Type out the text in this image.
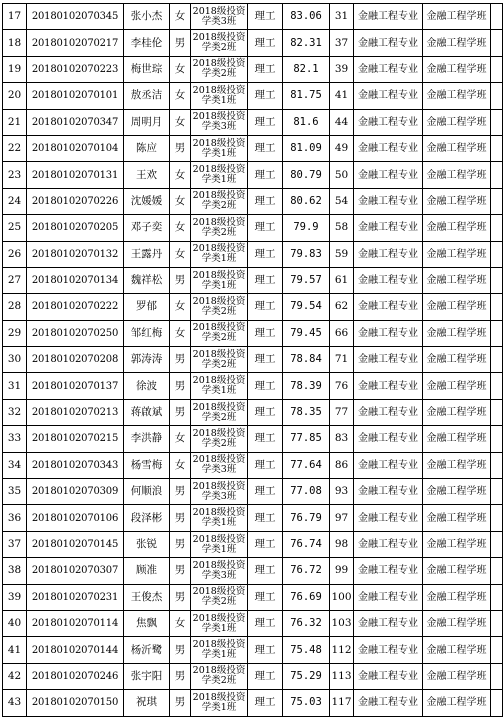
17	20180102070345	张小杰	女	2018级投资学类3班	理工	83.06	31	金融工程专业	金融工程学班	
18	20180102070217	李桂伦	男	2018级投资学类2班	理工	82.31	37	金融工程专业	金融工程学班	
19	20180102070223	梅世琮	女	2018级投资学类2班	理工	82.1	39	金融工程专业	金融工程学班	
20	20180102070101	敖丞洁	女	2018级投资学类1班	理工	81.75	41	金融工程专业	金融工程学班	
21	20180102070347	周明月	女	2018级投资学类3班	理工	81.6	44	金融工程专业	金融工程学班	
22	20180102070104	陈应	男	2018级投资学类1班	理工	81.09	49	金融工程专业	金融工程学班	
23	20180102070131	王欢	女	2018级投资学类1班	理工	80.79	50	金融工程专业	金融工程学班	
24	20180102070226	沈媛媛	女	2018级投资学类2班	理工	80.62	54	金融工程专业	金融工程学班	
25	20180102070205	邓子奕	女	2018级投资学类2班	理工	79.9	58	金融工程专业	金融工程学班	
26	20180102070132	王露丹	女	2018级投资学类1班	理工	79.83	59	金融工程专业	金融工程学班	
27	20180102070134	魏祥松	男	2018级投资学类1班	理工	79.57	61	金融工程专业	金融工程学班	
28	20180102070222	罗郁	女	2018级投资学类2班	理工	79.54	62	金融工程专业	金融工程学班	
29	20180102070250	邹红梅	女	2018级投资学类2班	理工	79.45	66	金融工程专业	金融工程学班	
30	20180102070208	郭涛涛	男	2018级投资学类2班	理工	78.84	71	金融工程专业	金融工程学班	
31	20180102070137	徐波	男	2018级投资学类1班	理工	78.39	76	金融工程专业	金融工程学班	
32	20180102070213	蒋啟斌	男	2018级投资学类2班	理工	78.35	77	金融工程专业	金融工程学班	
33	20180102070215	李洪静	女	2018级投资学类2班	理工	77.85	83	金融工程专业	金融工程学班	
34	20180102070343	杨雪梅	女	2018级投资学类3班	理工	77.64	86	金融工程专业	金融工程学班	
35	20180102070309	何顺浪	男	2018级投资学类3班	理工	77.08	93	金融工程专业	金融工程学班	
36	20180102070106	段泽彬	男	2018级投资学类1班	理工	76.79	97	金融工程专业	金融工程学班	
37	20180102070145	张锐	男	2018级投资学类1班	理工	76.74	98	金融工程专业	金融工程学班	
38	20180102070307	顾准	男	2018级投资学类3班	理工	76.72	99	金融工程专业	金融工程学班	
39	20180102070231	王俊杰	男	2018级投资学类2班	理工	76.69	100	金融工程专业	金融工程学班	
40	20180102070114	焦飘	女	2018级投资学类1班	理工	76.32	103	金融工程专业	金融工程学班	
41	20180102070144	杨沂鹭	男	2018级投资学类1班	理工	75.48	112	金融工程专业	金融工程学班	
42	20180102070246	张宇阳	男	2018级投资学类2班	理工	75.29	113	金融工程专业	金融工程学班	
43	20180102070150	祝琪	男	2018级投资学类1班	理工	75.03	117	金融工程专业	金融工程学班	
